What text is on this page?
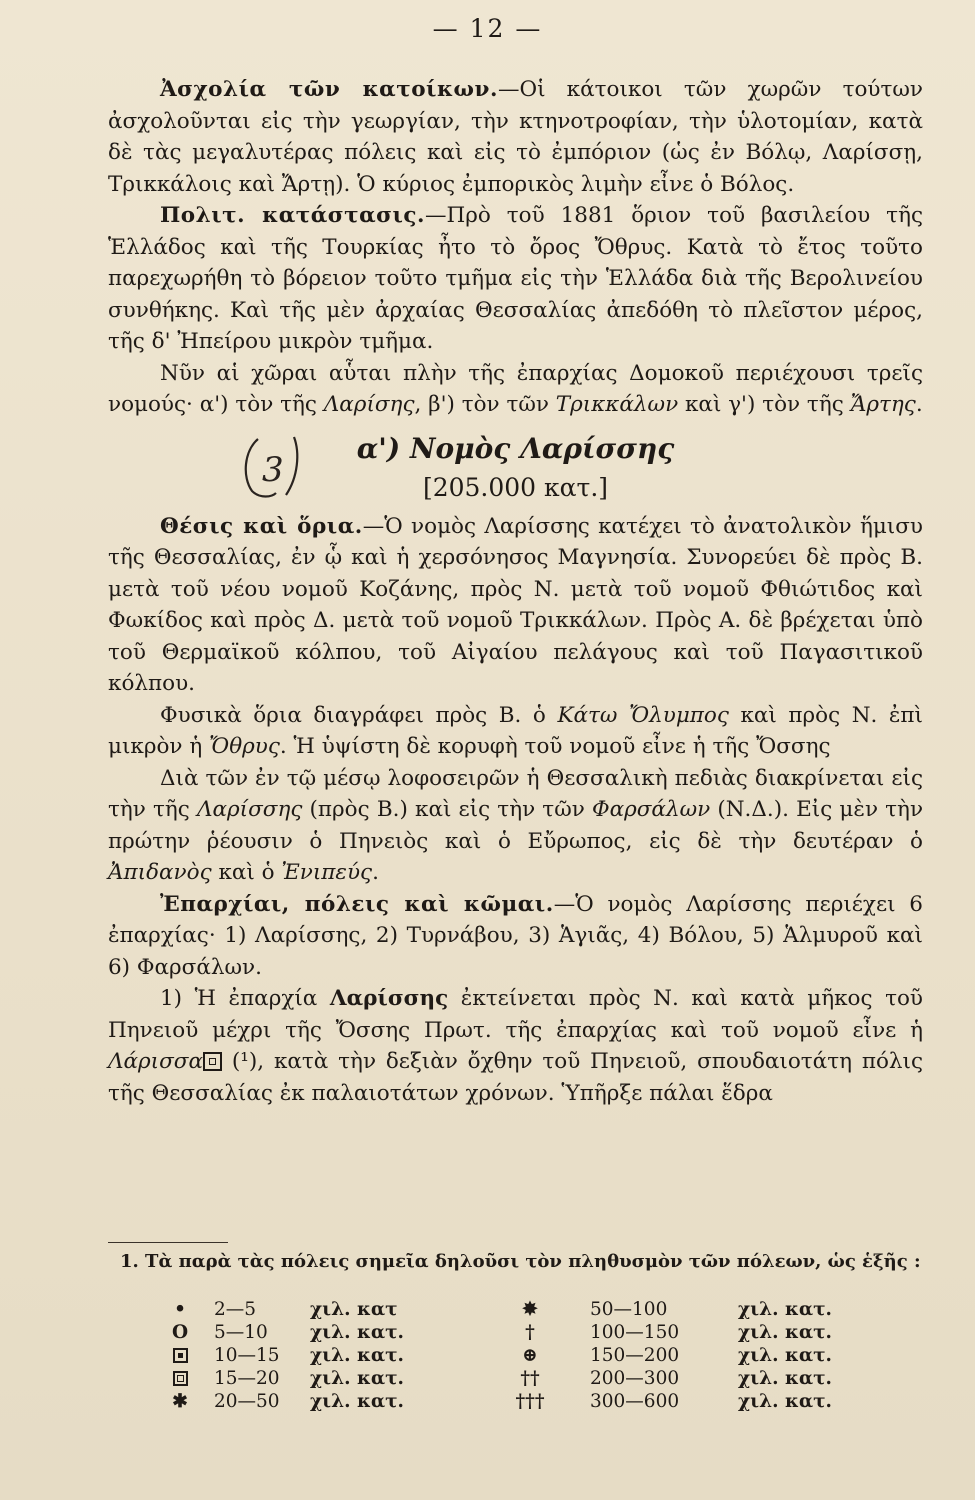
— 12 —

Ἀσχολία τῶν κατοίκων.—Οἱ κάτοικοι τῶν χωρῶν τούτων ἀσχολοῦνται εἰς τὴν γεωργίαν, τὴν κτηνοτροφίαν, τὴν ὑλοτομίαν, κατὰ δὲ τὰς μεγαλυτέρας πόλεις καὶ εἰς τὸ ἐμπόριον (ὡς ἐν Βόλῳ, Λαρίσσῃ, Τρικκάλοις καὶ Ἄρτῃ). Ὁ κύριος ἐμπορικὸς λιμὴν εἶνε ὁ Βόλος.

Πολιτ. κατάστασις.—Πρὸ τοῦ 1881 ὅριον τοῦ βασιλείου τῆς Ἑλλάδος καὶ τῆς Τουρκίας ἦτο τὸ ὄρος Ὄθρυς. Κατὰ τὸ ἔτος τοῦτο παρεχωρήθη τὸ βόρειον τοῦτο τμῆμα εἰς τὴν Ἑλλάδα διὰ τῆς Βερολινείου συνθήκης. Καὶ τῆς μὲν ἀρχαίας Θεσσαλίας ἀπεδόθη τὸ πλεῖστον μέρος, τῆς δ' Ἠπείρου μικρὸν τμῆμα.

Νῦν αἱ χῶραι αὗται πλὴν τῆς ἐπαρχίας Δομοκοῦ περιέχουσι τρεῖς νομούς· α') τὸν τῆς Λαρίσης, β') τὸν τῶν Τρικκάλων καὶ γ') τὸν τῆς Ἄρτης.

3
α') Νομὸς Λαρίσσης
[205.000 κατ.]

Θέσις καὶ ὅρια.—Ὁ νομὸς Λαρίσσης κατέχει τὸ ἀνατολικὸν ἥμισυ τῆς Θεσσαλίας, ἐν ᾧ καὶ ἡ χερσόνησος Μαγνησία. Συνορεύει δὲ πρὸς Β. μετὰ τοῦ νέου νομοῦ Κοζάνης, πρὸς Ν. μετὰ τοῦ νομοῦ Φθιώτιδος καὶ Φωκίδος καὶ πρὸς Δ. μετὰ τοῦ νομοῦ Τρικκάλων. Πρὸς Α. δὲ βρέχεται ὑπὸ τοῦ Θερμαϊκοῦ κόλπου, τοῦ Αἰγαίου πελάγους καὶ τοῦ Παγασιτικοῦ κόλπου.

Φυσικὰ ὅρια διαγράφει πρὸς Β. ὁ Κάτω Ὄλυμπος καὶ πρὸς Ν. ἐπὶ μικρὸν ἡ Ὄθρυς. Ἡ ὑψίστη δὲ κορυφὴ τοῦ νομοῦ εἶνε ἡ τῆς Ὄσσης

Διὰ τῶν ἐν τῷ μέσῳ λοφοσειρῶν ἡ Θεσσαλικὴ πεδιὰς διακρίνεται εἰς τὴν τῆς Λαρίσσης (πρὸς Β.) καὶ εἰς τὴν τῶν Φαρσάλων (Ν.Δ.). Εἰς μὲν τὴν πρώτην ῥέουσιν ὁ Πηνειὸς καὶ ὁ Εὔρωπος, εἰς δὲ τὴν δευτέραν ὁ Ἀπιδανὸς καὶ ὁ Ἐνιπεύς.

Ἐπαρχίαι, πόλεις καὶ κῶμαι.—Ὁ νομὸς Λαρίσσης περιέχει 6 ἐπαρχίας· 1) Λαρίσσης, 2) Τυρνάβου, 3) Ἁγιᾶς, 4) Βόλου, 5) Ἁλμυροῦ καὶ 6) Φαρσάλων.

1) Ἡ ἐπαρχία Λαρίσσης ἐκτείνεται πρὸς Ν. καὶ κατὰ μῆκος τοῦ Πηνειοῦ μέχρι τῆς Ὄσσης Πρωτ. τῆς ἐπαρχίας καὶ τοῦ νομοῦ εἶνε ἡ Λάρισσα (¹), κατὰ τὴν δεξιὰν ὄχθην τοῦ Πηνειοῦ, σπουδαιοτάτη πόλις τῆς Θεσσαλίας ἐκ παλαιοτάτων χρόνων. Ὑπῆρξε πάλαι ἕδρα

1. Τὰ παρὰ τὰς πόλεις σημεῖα δηλοῦσι τὸν πληθυσμὸν τῶν πόλεων, ὡς ἑξῆς :
• 2—5	χιλ. κατ	✸	50—100	χιλ. κατ.
O 5—10	χιλ. κατ.	†	100—150	χιλ. κατ.
10—15	χιλ. κατ.	⊕	150—200	χιλ. κατ.
15—20	χιλ. κατ.	††	200—300	χιλ. κατ.
✱ 20—50	χιλ. κατ.	††† 300—600	χιλ. κατ.
